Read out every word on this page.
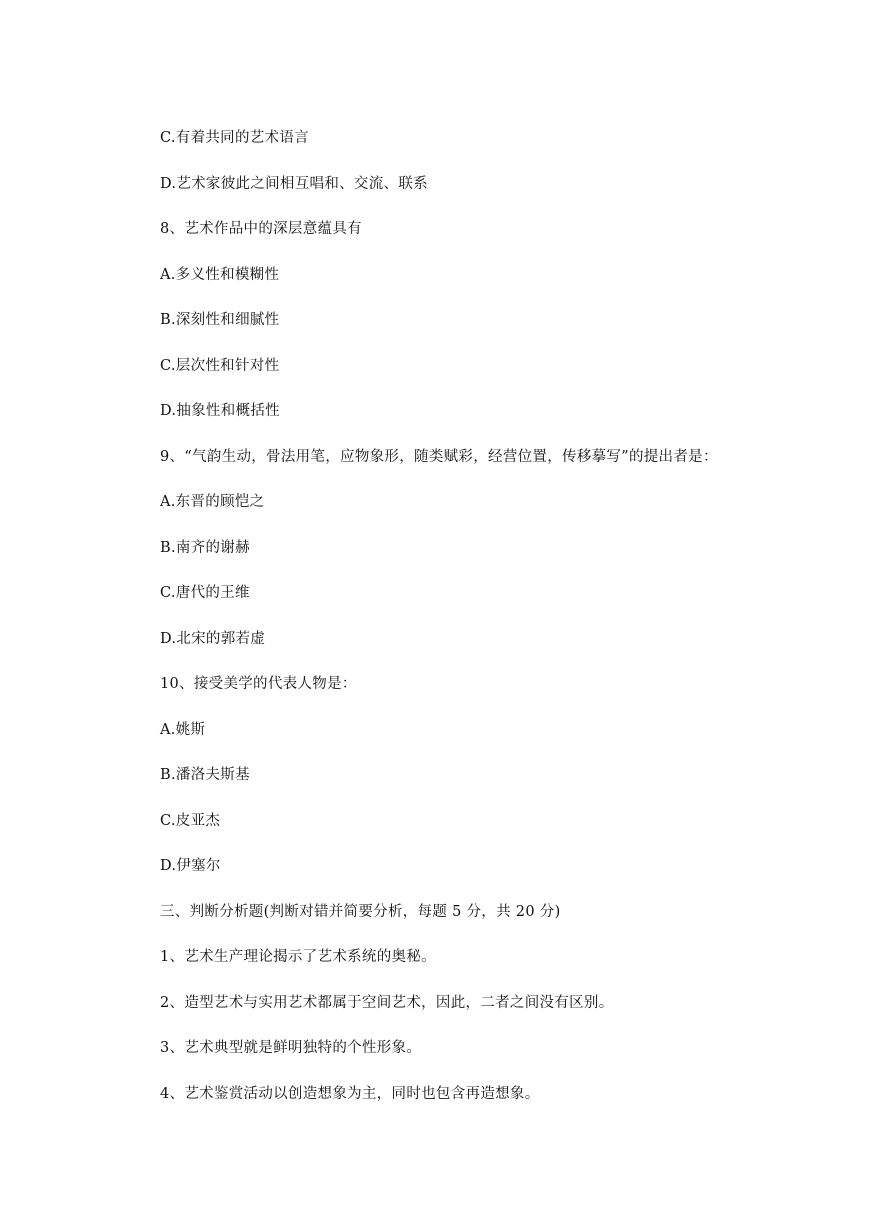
C.有着共同的艺术语言
D.艺术家彼此之间相互唱和、交流、联系
8、艺术作品中的深层意蕴具有
A.多义性和模糊性
B.深刻性和细腻性
C.层次性和针对性
D.抽象性和概括性
9、“气韵生动，骨法用笔，应物象形，随类赋彩，经营位置，传移摹写”的提出者是：
A.东晋的顾恺之
B.南齐的谢赫
C.唐代的王维
D.北宋的郭若虚
10、接受美学的代表人物是：
A.姚斯
B.潘洛夫斯基
C.皮亚杰
D.伊塞尔
三、判断分析题(判断对错并简要分析，每题 5 分，共 20 分)
1、艺术生产理论揭示了艺术系统的奥秘。
2、造型艺术与实用艺术都属于空间艺术，因此，二者之间没有区别。
3、艺术典型就是鲜明独特的个性形象。
4、艺术鉴赏活动以创造想象为主，同时也包含再造想象。
